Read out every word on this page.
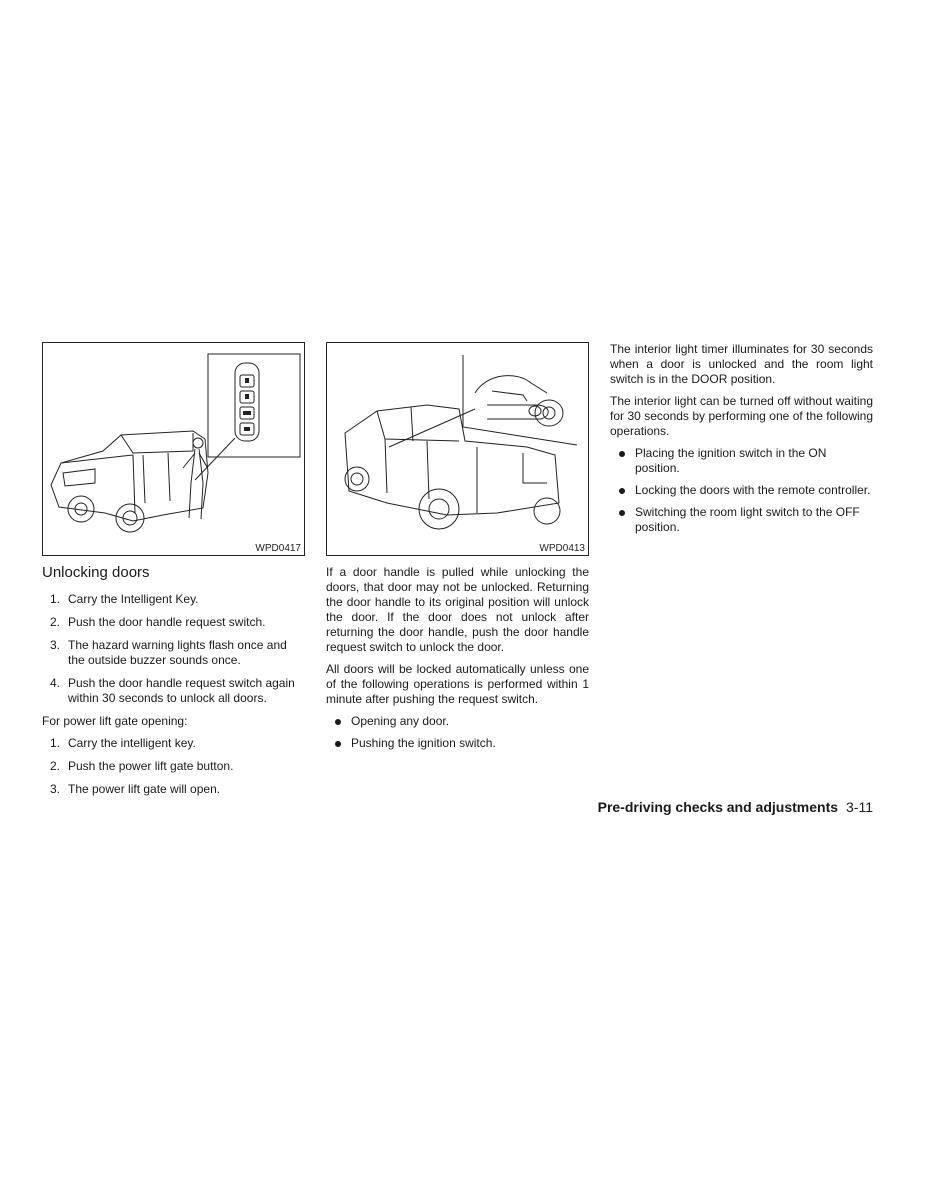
WPD0417
Unlocking doors
1. Carry the Intelligent Key.
2. Push the door handle request switch.
3. The hazard warning lights flash once and the outside buzzer sounds once.
4. Push the door handle request switch again within 30 seconds to unlock all doors.

For power lift gate opening:

1. Carry the intelligent key.
2. Push the power lift gate button.
3. The power lift gate will open.
WPD0413

If a door handle is pulled while unlocking the doors, that door may not be unlocked. Returning the door handle to its original position will unlock the door. If the door does not unlock after returning the door handle, push the door handle request switch to unlock the door.

All doors will be locked automatically unless one of the following operations is performed within 1 minute after pushing the request switch.

Opening any door.
Pushing the ignition switch.

The interior light timer illuminates for 30 seconds when a door is unlocked and the room light switch is in the DOOR position.

The interior light can be turned off without waiting for 30 seconds by performing one of the following operations.

Placing the ignition switch in the ON position.
Locking the doors with the remote controller.
Switching the room light switch to the OFF position.
Pre-driving checks and adjustments 3-11
